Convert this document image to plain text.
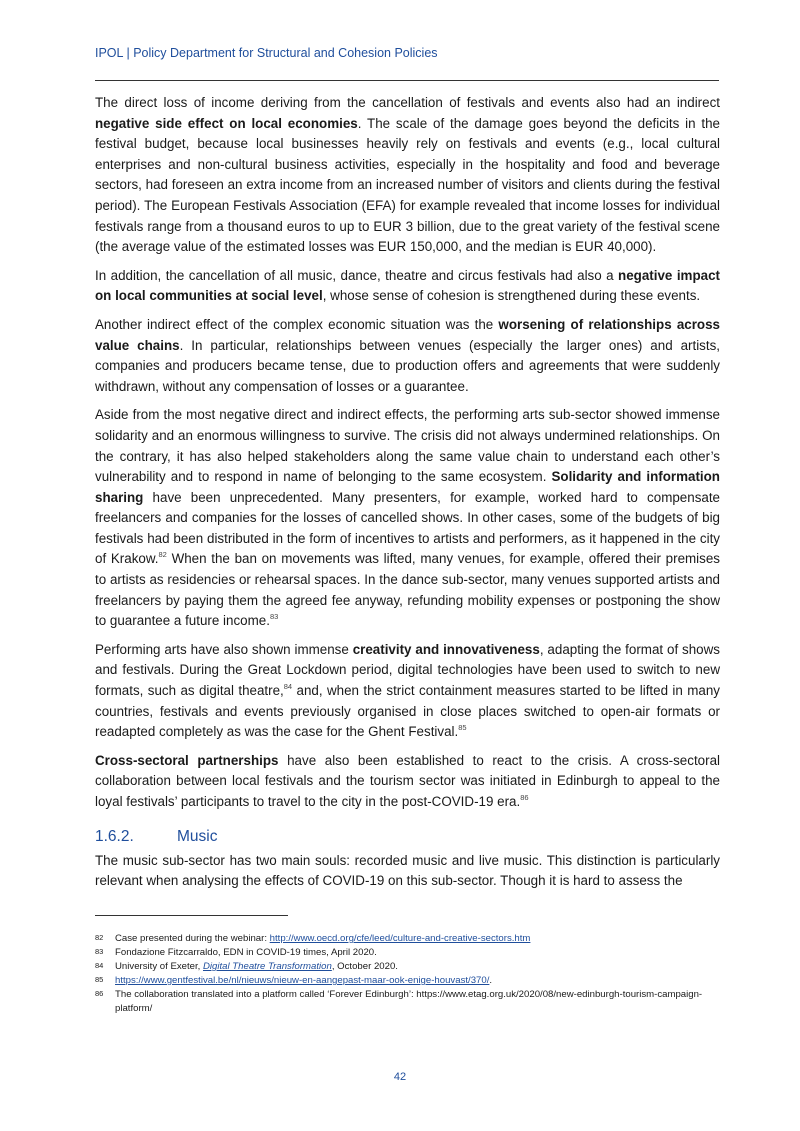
IPOL | Policy Department for Structural and Cohesion Policies

The direct loss of income deriving from the cancellation of festivals and events also had an indirect negative side effect on local economies. The scale of the damage goes beyond the deficits in the festival budget, because local businesses heavily rely on festivals and events (e.g., local cultural enterprises and non-cultural business activities, especially in the hospitality and food and beverage sectors, had foreseen an extra income from an increased number of visitors and clients during the festival period). The European Festivals Association (EFA) for example revealed that income losses for individual festivals range from a thousand euros to up to EUR 3 billion, due to the great variety of the festival scene (the average value of the estimated losses was EUR 150,000, and the median is EUR 40,000).

In addition, the cancellation of all music, dance, theatre and circus festivals had also a negative impact on local communities at social level, whose sense of cohesion is strengthened during these events.

Another indirect effect of the complex economic situation was the worsening of relationships across value chains. In particular, relationships between venues (especially the larger ones) and artists, companies and producers became tense, due to production offers and agreements that were suddenly withdrawn, without any compensation of losses or a guarantee.

Aside from the most negative direct and indirect effects, the performing arts sub-sector showed immense solidarity and an enormous willingness to survive. The crisis did not always undermined relationships. On the contrary, it has also helped stakeholders along the same value chain to understand each other’s vulnerability and to respond in name of belonging to the same ecosystem. Solidarity and information sharing have been unprecedented. Many presenters, for example, worked hard to compensate freelancers and companies for the losses of cancelled shows. In other cases, some of the budgets of big festivals had been distributed in the form of incentives to artists and performers, as it happened in the city of Krakow.$^{82}$ When the ban on movements was lifted, many venues, for example, offered their premises to artists as residencies or rehearsal spaces. In the dance sub-sector, many venues supported artists and freelancers by paying them the agreed fee anyway, refunding mobility expenses or postponing the show to guarantee a future income.$^{83}$

Performing arts have also shown immense creativity and innovativeness, adapting the format of shows and festivals. During the Great Lockdown period, digital technologies have been used to switch to new formats, such as digital theatre,$^{84}$ and, when the strict containment measures started to be lifted in many countries, festivals and events previously organised in close places switched to open-air formats or readapted completely as was the case for the Ghent Festival.$^{85}$

Cross-sectoral partnerships have also been established to react to the crisis. A cross-sectoral collaboration between local festivals and the tourism sector was initiated in Edinburgh to appeal to the loyal festivals’ participants to travel to the city in the post-COVID-19 era.$^{86}$

1.6.2.	Music

The music sub-sector has two main souls: recorded music and live music. This distinction is particularly relevant when analysing the effects of COVID-19 on this sub-sector. Though it is hard to assess the

82	Case presented during the webinar: http://www.oecd.org/cfe/leed/culture-and-creative-sectors.htm
83	Fondazione Fitzcarraldo, EDN in COVID-19 times, April 2020.
84	University of Exeter, Digital Theatre Transformation, October 2020.
85	https://www.gentfestival.be/nl/nieuws/nieuw-en-aangepast-maar-ook-enige-houvast/370/.
86	The collaboration translated into a platform called ‘Forever Edinburgh’: https://www.etag.org.uk/2020/08/new-edinburgh-tourism-campaign-platform/
42
